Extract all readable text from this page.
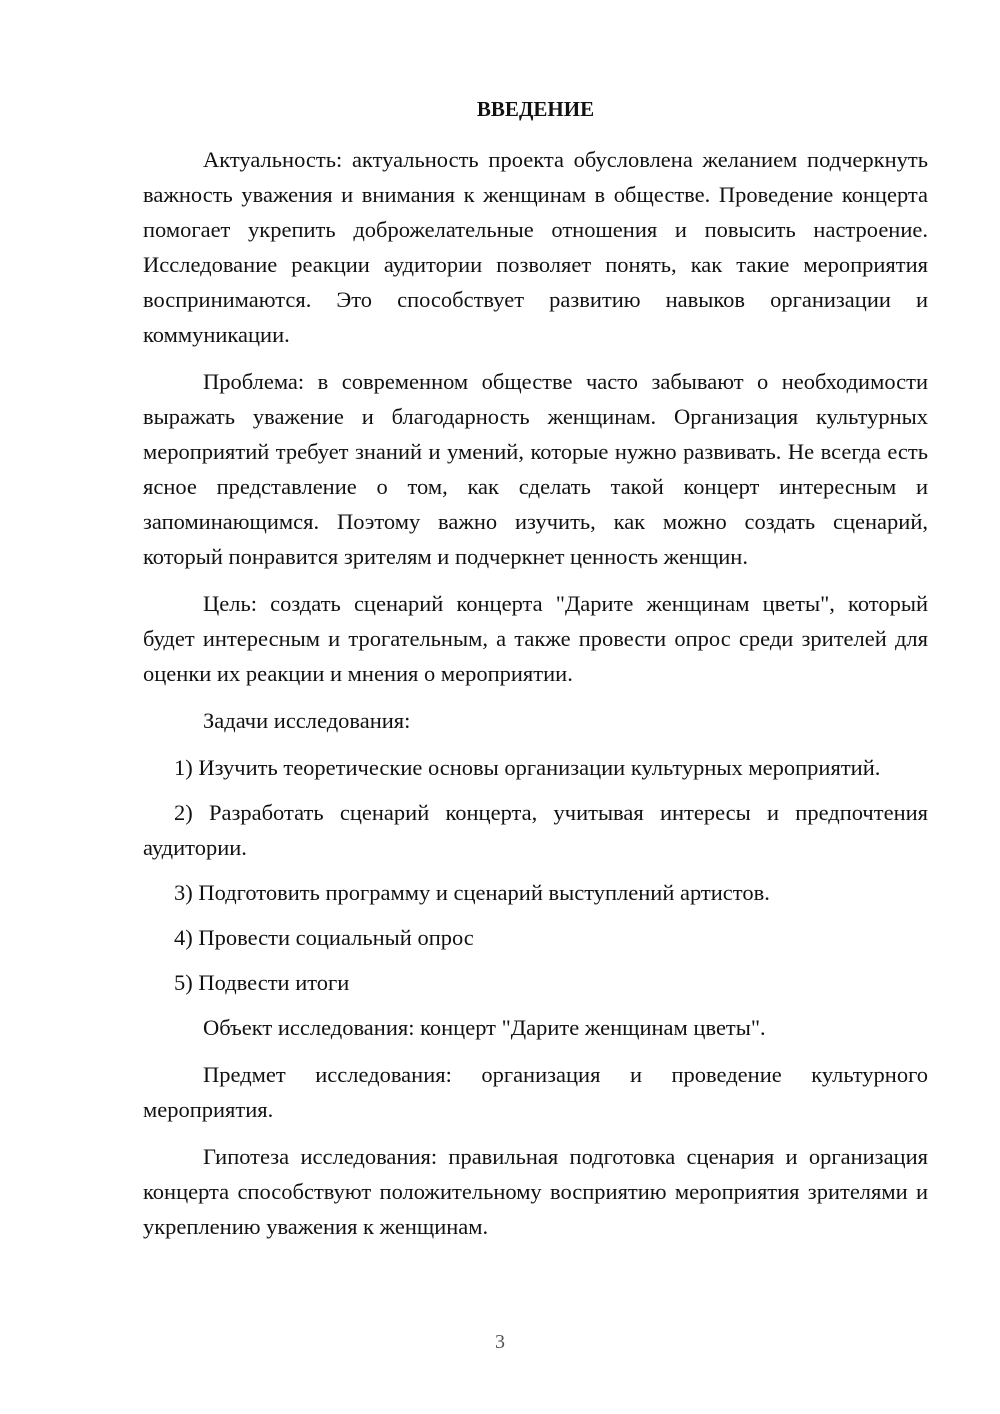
ВВЕДЕНИЕ

Актуальность: актуальность проекта обусловлена желанием подчеркнуть важность уважения и внимания к женщинам в обществе. Проведение концерта помогает укрепить доброжелательные отношения и повысить настроение. Исследование реакции аудитории позволяет понять, как такие мероприятия воспринимаются. Это способствует развитию навыков организации и коммуникации.

Проблема: в современном обществе часто забывают о необходимости выражать уважение и благодарность женщинам. Организация культурных мероприятий требует знаний и умений, которые нужно развивать. Не всегда есть ясное представление о том, как сделать такой концерт интересным и запоминающимся. Поэтому важно изучить, как можно создать сценарий, который понравится зрителям и подчеркнет ценность женщин.

Цель: создать сценарий концерта "Дарите женщинам цветы", который будет интересным и трогательным, а также провести опрос среди зрителей для оценки их реакции и мнения о мероприятии.

Задачи исследования:

1) Изучить теоретические основы организации культурных мероприятий.

2) Разработать сценарий концерта, учитывая интересы и предпочтения аудитории.

3) Подготовить программу и сценарий выступлений артистов.

4) Провести социальный опрос

5) Подвести итоги

Объект исследования: концерт "Дарите женщинам цветы".

Предмет исследования: организация и проведение культурного мероприятия.

Гипотеза исследования: правильная подготовка сценария и организация концерта способствуют положительному восприятию мероприятия зрителями и укреплению уважения к женщинам.

3
